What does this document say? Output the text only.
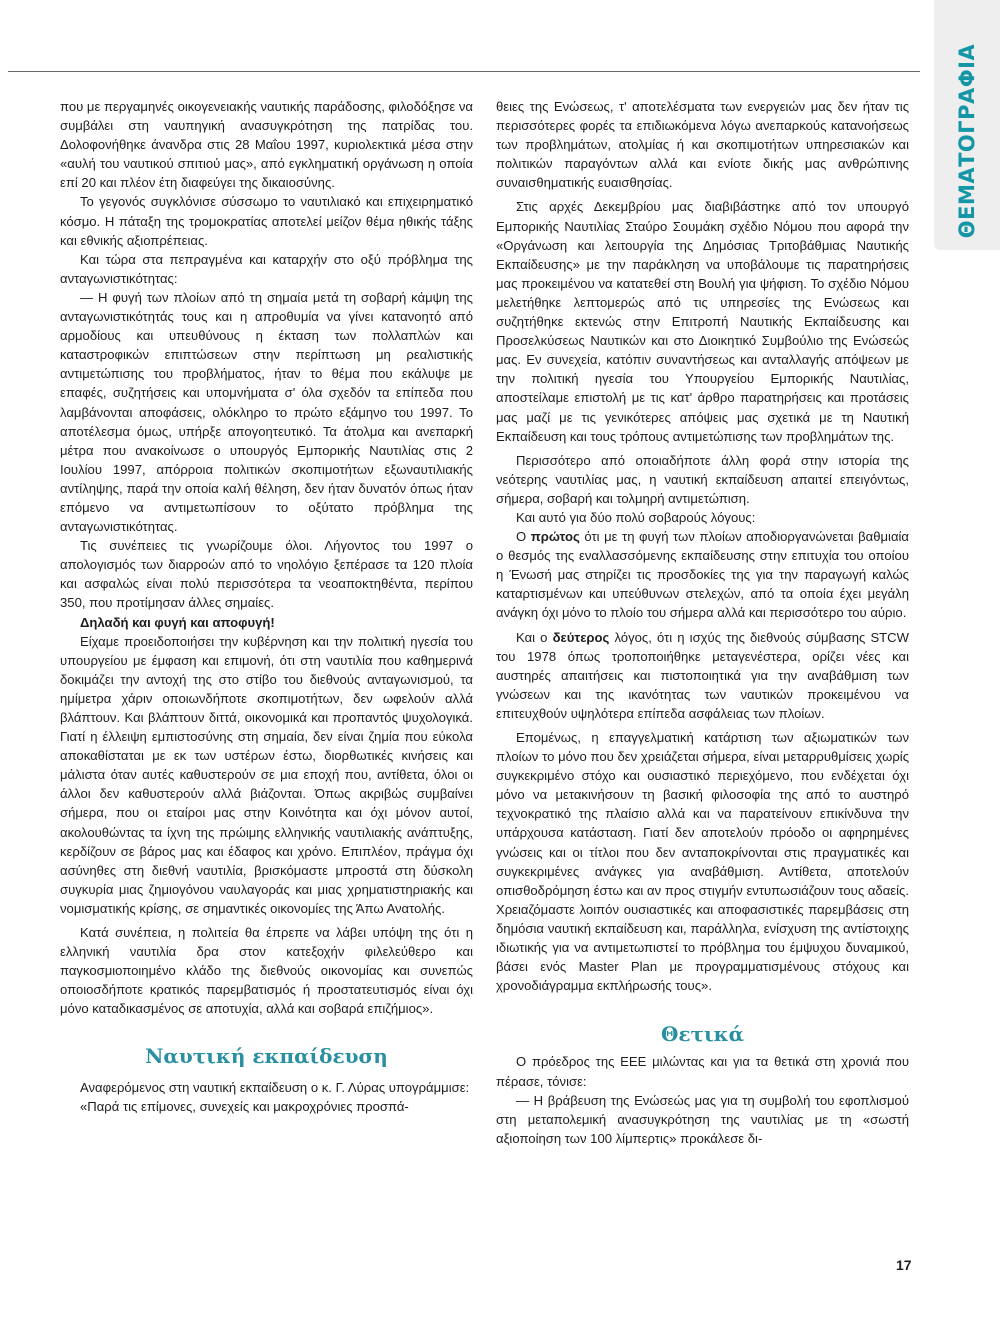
ΘΕΜΑΤΟΓΡΑΦΙΑ

που με περγαμηνές οικογενειακής ναυτικής παράδοσης, φιλοδόξησε να συμβάλει στη ναυπηγική ανασυγκρότηση της πατρίδας του. Δολοφονήθηκε άνανδρα στις 28 Μαΐου 1997, κυριολεκτικά μέσα στην «αυλή του ναυτικού σπιτιού μας», από εγκληματική οργάνωση η οποία επί 20 και πλέον έτη διαφεύγει της δικαιοσύνης.

Το γεγονός συγκλόνισε σύσσωμο το ναυτιλιακό και επιχειρηματικό κόσμο. Η πάταξη της τρομοκρατίας αποτελεί μείζον θέμα ηθικής τάξης και εθνικής αξιοπρέπειας.

Και τώρα στα πεπραγμένα και καταρχήν στο οξύ πρόβλημα της ανταγωνιστικότητας:

— Η φυγή των πλοίων από τη σημαία μετά τη σοβαρή κάμψη της ανταγωνιστικότητάς τους και η απροθυμία να γίνει κατανοητό από αρμοδίους και υπευθύνους η έκταση των πολλαπλών και καταστροφικών επιπτώσεων στην περίπτωση μη ρεαλιστικής αντιμετώπισης του προβλήματος, ήταν το θέμα που εκάλυψε με επαφές, συζητήσεις και υπομνήματα σ' όλα σχεδόν τα επίπεδα που λαμβάνονται αποφάσεις, ολόκληρο το πρώτο εξάμηνο του 1997. Το αποτέλεσμα όμως, υπήρξε απογοητευτικό. Τα άτολμα και ανεπαρκή μέτρα που ανακοίνωσε ο υπουργός Εμπορικής Ναυτιλίας στις 2 Ιουλίου 1997, απόρροια πολιτικών σκοπιμοτήτων εξωναυτιλιακής αντίληψης, παρά την οποία καλή θέληση, δεν ήταν δυνατόν όπως ήταν επόμενο να αντιμετωπίσουν το οξύτατο πρόβλημα της ανταγωνιστικότητας.

Τις συνέπειες τις γνωρίζουμε όλοι. Λήγοντος του 1997 ο απολογισμός των διαρροών από το νηολόγιο ξεπέρασε τα 120 πλοία και ασφαλώς είναι πολύ περισσότερα τα νεοαποκτηθέντα, περίπου 350, που προτίμησαν άλλες σημαίες.

Δηλαδή και φυγή και αποφυγή!

Είχαμε προειδοποιήσει την κυβέρνηση και την πολιτική ηγεσία του υπουργείου με έμφαση και επιμονή, ότι στη ναυτιλία που καθημερινά δοκιμάζει την αντοχή της στο στίβο του διεθνούς ανταγωνισμού, τα ημίμετρα χάριν οποιωνδήποτε σκοπιμοτήτων, δεν ωφελούν αλλά βλάπτουν. Και βλάπτουν διττά, οικονομικά και προπαντός ψυχολογικά. Γιατί η έλλειψη εμπιστοσύνης στη σημαία, δεν είναι ζημία που εύκολα αποκαθίσταται με εκ των υστέρων έστω, διορθωτικές κινήσεις και μάλιστα όταν αυτές καθυστερούν σε μια εποχή που, αντίθετα, όλοι οι άλλοι δεν καθυστερούν αλλά βιάζονται. Όπως ακριβώς συμβαίνει σήμερα, που οι εταίροι μας στην Κοινότητα και όχι μόνον αυτοί, ακολουθώντας τα ίχνη της πρώιμης ελληνικής ναυτιλιακής ανάπτυξης, κερδίζουν σε βάρος μας και έδαφος και χρόνο. Επιπλέον, πράγμα όχι ασύνηθες στη διεθνή ναυτιλία, βρισκόμαστε μπροστά στη δύσκολη συγκυρία μιας ζημιογόνου ναυλαγοράς και μιας χρηματιστηριακής και νομισματικής κρίσης, σε σημαντικές οικονομίες της Άπω Ανατολής.

Κατά συνέπεια, η πολιτεία θα έπρεπε να λάβει υπόψη της ότι η ελληνική ναυτιλία δρα στον κατεξοχήν φιλελεύθερο και παγκοσμιοποιημένο κλάδο της διεθνούς οικονομίας και συνεπώς οποιοσδήποτε κρατικός παρεμβατισμός ή προστατευτισμός είναι όχι μόνο καταδικασμένος σε αποτυχία, αλλά και σοβαρά επιζήμιος».

Ναυτική εκπαίδευση

Αναφερόμενος στη ναυτική εκπαίδευση ο κ. Γ. Λύρας υπογράμμισε:

«Παρά τις επίμονες, συνεχείς και μακροχρόνιες προσπά-

θειες της Ενώσεως, τ' αποτελέσματα των ενεργειών μας δεν ήταν τις περισσότερες φορές τα επιδιωκόμενα λόγω ανεπαρκούς κατανοήσεως των προβλημάτων, ατολμίας ή και σκοπιμοτήτων υπηρεσιακών και πολιτικών παραγόντων αλλά και ενίοτε δικής μας ανθρώπινης συναισθηματικής ευαισθησίας.

Στις αρχές Δεκεμβρίου μας διαβιβάστηκε από τον υπουργό Εμπορικής Ναυτιλίας Σταύρο Σουμάκη σχέδιο Νόμου που αφορά την «Οργάνωση και λειτουργία της Δημόσιας Τριτοβάθμιας Ναυτικής Εκπαίδευσης» με την παράκληση να υποβάλουμε τις παρατηρήσεις μας προκειμένου να κατατεθεί στη Βουλή για ψήφιση. Το σχέδιο Νόμου μελετήθηκε λεπτομερώς από τις υπηρεσίες της Ενώσεως και συζητήθηκε εκτενώς στην Επιτροπή Ναυτικής Εκπαίδευσης και Προσελκύσεως Ναυτικών και στο Διοικητικό Συμβούλιο της Ενώσεώς μας. Εν συνεχεία, κατόπιν συναντήσεως και ανταλλαγής απόψεων με την πολιτική ηγεσία του Υπουργείου Εμπορικής Ναυτιλίας, αποστείλαμε επιστολή με τις κατ' άρθρο παρατηρήσεις και προτάσεις μας μαζί με τις γενικότερες απόψεις μας σχετικά με τη Ναυτική Εκπαίδευση και τους τρόπους αντιμετώπισης των προβλημάτων της.

Περισσότερο από οποιαδήποτε άλλη φορά στην ιστορία της νεότερης ναυτιλίας μας, η ναυτική εκπαίδευση απαιτεί επειγόντως, σήμερα, σοβαρή και τολμηρή αντιμετώπιση.

Και αυτό για δύο πολύ σοβαρούς λόγους:

Ο πρώτος ότι με τη φυγή των πλοίων αποδιοργανώνεται βαθμιαία ο θεσμός της εναλλασσόμενης εκπαίδευσης στην επιτυχία του οποίου η Ένωσή μας στηρίζει τις προσδοκίες της για την παραγωγή καλώς καταρτισμένων και υπεύθυνων στελεχών, από τα οποία έχει μεγάλη ανάγκη όχι μόνο το πλοίο του σήμερα αλλά και περισσότερο του αύριο.

Και ο δεύτερος λόγος, ότι η ισχύς της διεθνούς σύμβασης STCW του 1978 όπως τροποποιήθηκε μεταγενέστερα, ορίζει νέες και αυστηρές απαιτήσεις και πιστοποιητικά για την αναβάθμιση των γνώσεων και της ικανότητας των ναυτικών προκειμένου να επιτευχθούν υψηλότερα επίπεδα ασφάλειας των πλοίων.

Επομένως, η επαγγελματική κατάρτιση των αξιωματικών των πλοίων το μόνο που δεν χρειάζεται σήμερα, είναι μεταρρυθμίσεις χωρίς συγκεκριμένο στόχο και ουσιαστικό περιεχόμενο, που ενδέχεται όχι μόνο να μετακινήσουν τη βασική φιλοσοφία της από το αυστηρό τεχνοκρατικό της πλαίσιο αλλά και να παρατείνουν επικίνδυνα την υπάρχουσα κατάσταση. Γιατί δεν αποτελούν πρόοδο οι αφηρημένες γνώσεις και οι τίτλοι που δεν ανταποκρίνονται στις πραγματικές και συγκεκριμένες ανάγκες για αναβάθμιση. Αντίθετα, αποτελούν οπισθοδρόμηση έστω και αν προς στιγμήν εντυπωσιάζουν τους αδαείς. Χρειαζόμαστε λοιπόν ουσιαστικές και αποφασιστικές παρεμβάσεις στη δημόσια ναυτική εκπαίδευση και, παράλληλα, ενίσχυση της αντίστοιχης ιδιωτικής για να αντιμετωπιστεί το πρόβλημα του έμψυχου δυναμικού, βάσει ενός Master Plan με προγραμματισμένους στόχους και χρονοδιάγραμμα εκπλήρωσής τους».

Θετικά

Ο πρόεδρος της ΕΕΕ μιλώντας και για τα θετικά στη χρονιά που πέρασε, τόνισε:

— Η βράβευση της Ενώσεώς μας για τη συμβολή του εφοπλισμού στη μεταπολεμική ανασυγκρότηση της ναυτιλίας με τη «σωστή αξιοποίηση των 100 λίμπερτις» προκάλεσε δι-

17
